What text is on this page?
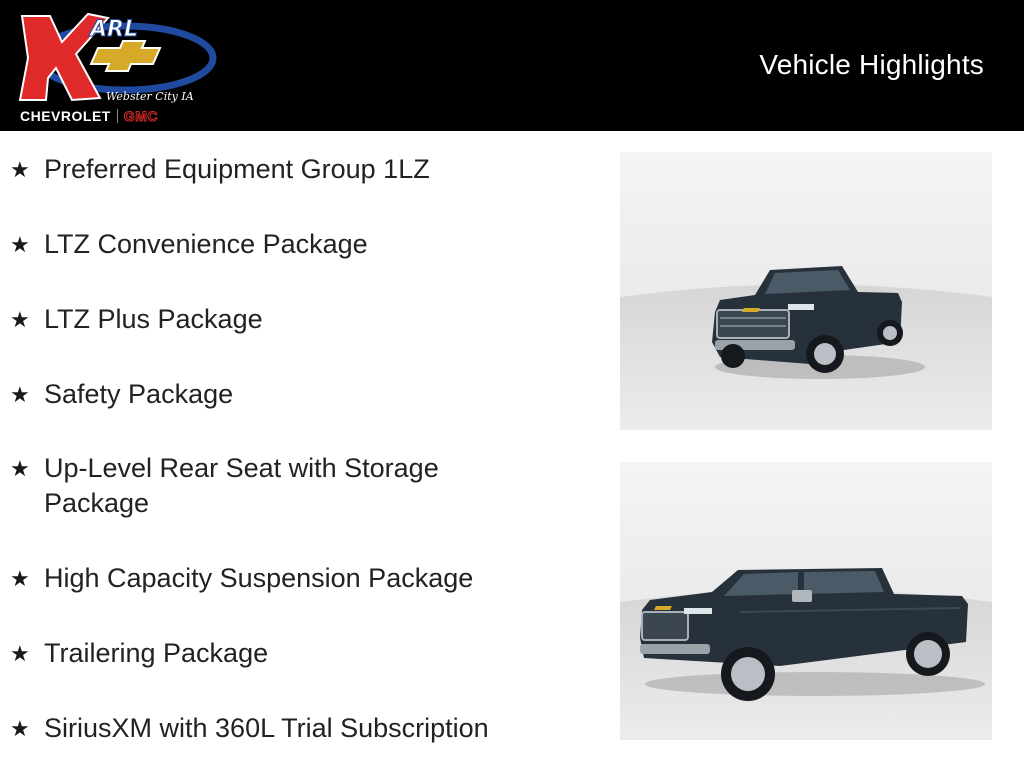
ARL
Webster City IA
CHEVROLET GMC
Vehicle Highlights
★ Preferred Equipment Group 1LZ
★ LTZ Convenience Package
★ LTZ Plus Package
★ Safety Package
★ Up-Level Rear Seat with Storage Package
★ High Capacity Suspension Package
★ Trailering Package
★ SiriusXM with 360L Trial Subscription
